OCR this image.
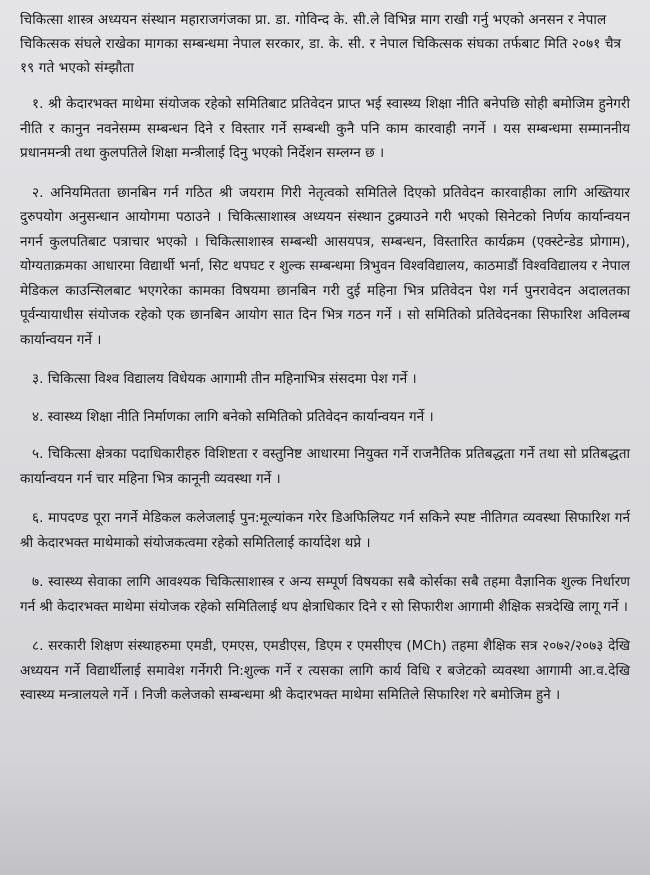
चिकित्सा शास्त्र अध्ययन संस्थान महाराजगंजका प्रा. डा. गोविन्द के. सी.ले विभिन्न माग राखी गर्नु भएको अनसन र नेपाल चिकित्सक संघले राखेका मागका सम्बन्धमा नेपाल सरकार, डा. के. सी. र नेपाल चिकित्सक संघका तर्फबाट मिति २०७१ चैत्र १९ गते भएको संम्झौता

१. श्री केदारभक्त माथेमा संयोजक रहेको समितिबाट प्रतिवेदन प्राप्त भई स्वास्थ्य शिक्षा नीति बनेपछि सोही बमोजिम हुनेगरी नीति र कानुन नवनेसम्म सम्बन्धन दिने र विस्तार गर्ने सम्बन्धी कुनै पनि काम कारवाही नगर्ने । यस सम्बन्धमा सम्माननीय प्रधानमन्त्री तथा कुलपतिले शिक्षा मन्त्रीलाई दिनु भएको निर्देशन सम्लग्न छ ।

२. अनियमितता छानबिन गर्न गठित श्री जयराम गिरी नेतृत्वको समितिले दिएको प्रतिवेदन कारवाहीका लागि अख्तियार दुरुपयोग अनुसन्धान आयोगमा पठाउने । चिकित्साशास्त्र अध्ययन संस्थान टुक्र्याउने गरी भएको सिनेटको निर्णय कार्यान्वयन नगर्न कुलपतिबाट पत्राचार भएको । चिकित्साशास्त्र सम्बन्धी आसयपत्र, सम्बन्धन, विस्तारित कार्यक्रम (एक्स्टेन्डेड प्रोगाम), योग्यताक्रमका आधारमा विद्यार्थी भर्ना, सिट थपघट र शुल्क सम्बन्धमा त्रिभुवन विश्वविद्यालय, काठमाडौं विश्वविद्यालय र नेपाल मेडिकल काउन्सिलबाट भएगरेका कामका विषयमा छानबिन गरी दुई महिना भित्र प्रतिवेदन पेश गर्न पुनरावेदन अदालतका पूर्वन्यायाधीस संयोजक रहेको एक छानबिन आयोग सात दिन भित्र गठन गर्ने । सो समितिको प्रतिवेदनका सिफारिश अविलम्ब कार्यान्वयन गर्ने ।

३. चिकित्सा विश्व विद्यालय विधेयक आगामी तीन महिनाभित्र संसदमा पेश गर्ने ।

४. स्वास्थ्य शिक्षा नीति निर्माणका लागि बनेको समितिको प्रतिवेदन कार्यान्वयन गर्ने ।

५. चिकित्सा क्षेत्रका पदाधिकारीहरु विशिष्टता र वस्तुनिष्ट आधारमा नियुक्त गर्ने राजनैतिक प्रतिबद्धता गर्ने तथा सो प्रतिबद्धता कार्यान्वयन गर्न चार महिना भित्र कानूनी व्यवस्था गर्ने ।

६. मापदण्ड पूरा नगर्ने मेडिकल कलेजलाई पुन:मूल्यांकन गरेर डिअफिलियट गर्न सकिने स्पष्ट नीतिगत व्यवस्था सिफारिश गर्न श्री केदारभक्त माथेमाको संयोजकत्वमा रहेको समितिलाई कार्यादेश थप्ने ।

७. स्वास्थ्य सेवाका लागि आवश्यक चिकित्साशास्त्र र अन्य सम्पूर्ण विषयका सबै कोर्सका सबै तहमा वैज्ञानिक शुल्क निर्धारण गर्न श्री केदारभक्त माथेमा संयोजक रहेको समितिलाई थप क्षेत्राधिकार दिने र सो सिफारीश आगामी शैक्षिक सत्रदेखि लागू गर्ने ।

८. सरकारी शिक्षण संस्थाहरुमा एमडी, एमएस, एमडीएस, डिएम र एमसीएच (MCh) तहमा शैक्षिक सत्र २०७२/२०७३ देखि अध्ययन गर्ने विद्यार्थीलाई समावेश गर्नेगरी नि:शुल्क गर्ने र त्यसका लागि कार्य विधि र बजेटको व्यवस्था आगामी आ.व.देखि स्वास्थ्य मन्त्रालयले गर्ने । निजी कलेजको सम्बन्धमा श्री केदारभक्त माथेमा समितिले सिफारिश गरे बमोजिम हुने ।
